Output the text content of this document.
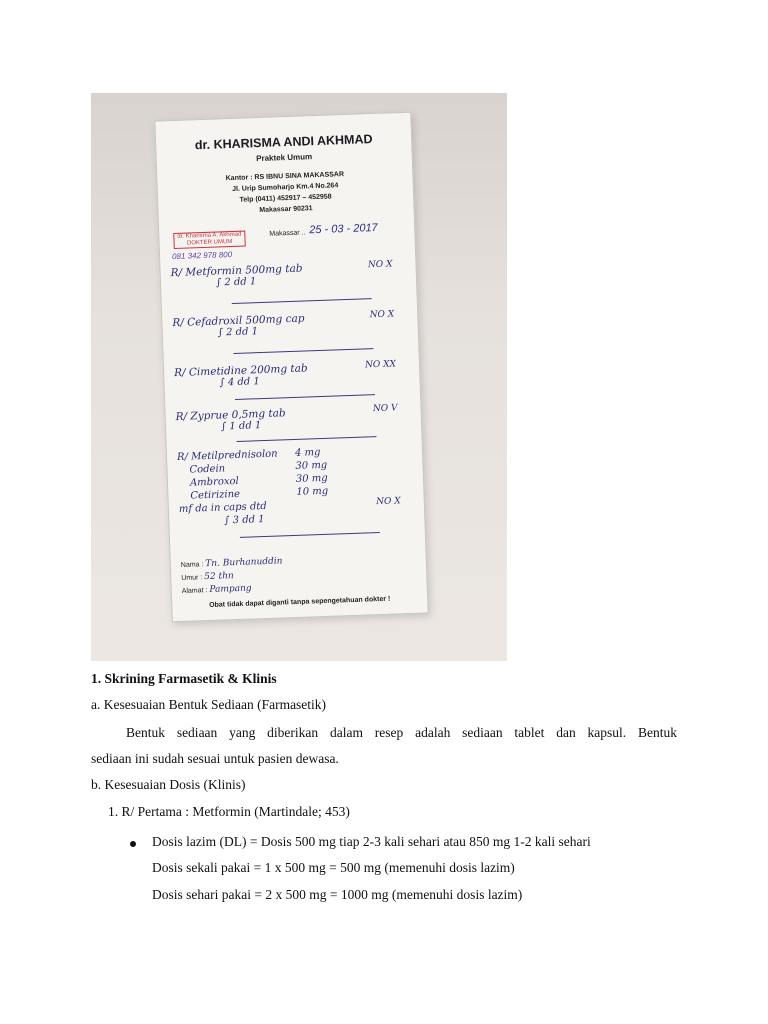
dr. KHARISMA ANDI AKHMAD
Praktek Umum
Kantor : RS IBNU SINA MAKASSAR
Jl. Urip Sumoharjo Km.4 No.264
Telp (0411) 452917 – 452958
Makassar 90231
dr. Kharisma A. Akhmad
DOKTER UMUM
081 342 978 800
Makassar .. 25 - 03 - 2017
R/ Metformin 500mg tab	NO X
∫ 2 dd 1
R/ Cefadroxil 500mg cap	NO X
∫ 2 dd 1
R/ Cimetidine 200mg tab	NO XX
∫ 4 dd 1
R/ Zyprue 0,5mg tab	NO V
∫ 1 dd 1
R/ Metilprednisolon 4 mg
Codein	30 mg
Ambroxol	30 mg
Cetirizine	10 mg
mf da in caps dtd	NO X
∫ 3 dd 1
Nama : Tn. Burhanuddin
Umur : 52 thn
Alamat : Pampang
Obat tidak dapat diganti tanpa sepengetahuan dokter !
1. Skrining Farmasetik & Klinis
a. Kesesuaian Bentuk Sediaan (Farmasetik)
Bentuk sediaan yang diberikan dalam resep adalah sediaan tablet dan kapsul. Bentuk
sediaan ini sudah sesuai untuk pasien dewasa.
b. Kesesuaian Dosis (Klinis)
1. R/ Pertama : Metformin (Martindale; 453)
Dosis lazim (DL) = Dosis 500 mg tiap 2-3 kali sehari atau 850 mg 1-2 kali sehari
Dosis sekali pakai = 1 x 500 mg = 500 mg (memenuhi dosis lazim)
Dosis sehari pakai = 2 x 500 mg = 1000 mg (memenuhi dosis lazim)
